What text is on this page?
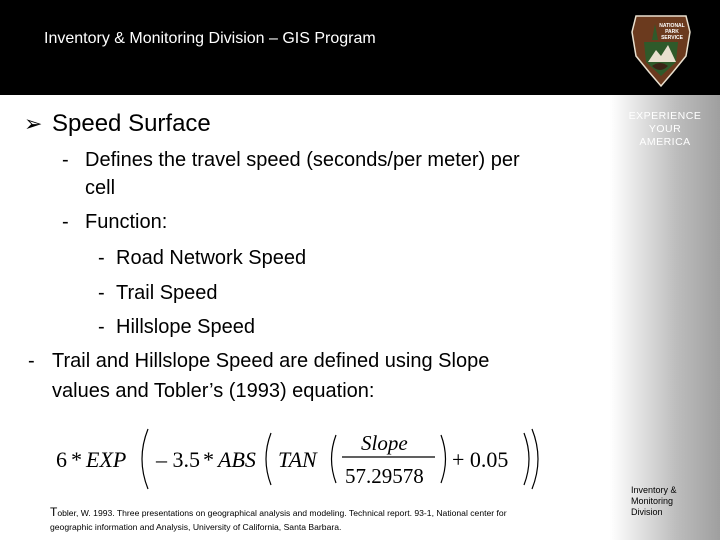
Inventory & Monitoring Division – GIS Program
NATIONAL
PARK
SERVICE
EXPERIENCE
YOUR
AMERICA
Inventory &
Monitoring
Division
➢ Speed Surface
- Defines the travel speed (seconds/per meter) per
cell
- Function:
- Road Network Speed
- Trail Speed
- Hillslope Speed
- Trail and Hillslope Speed are defined using Slope
values and Tobler’s (1993) equation:
6 * EXP – 3.5 * ABS TAN
Slope
57.29578
+ 0.05
Tobler, W. 1993. Three presentations on geographical analysis and modeling. Technical report. 93-1, National center for
geographic information and Analysis, University of California, Santa Barbara.
